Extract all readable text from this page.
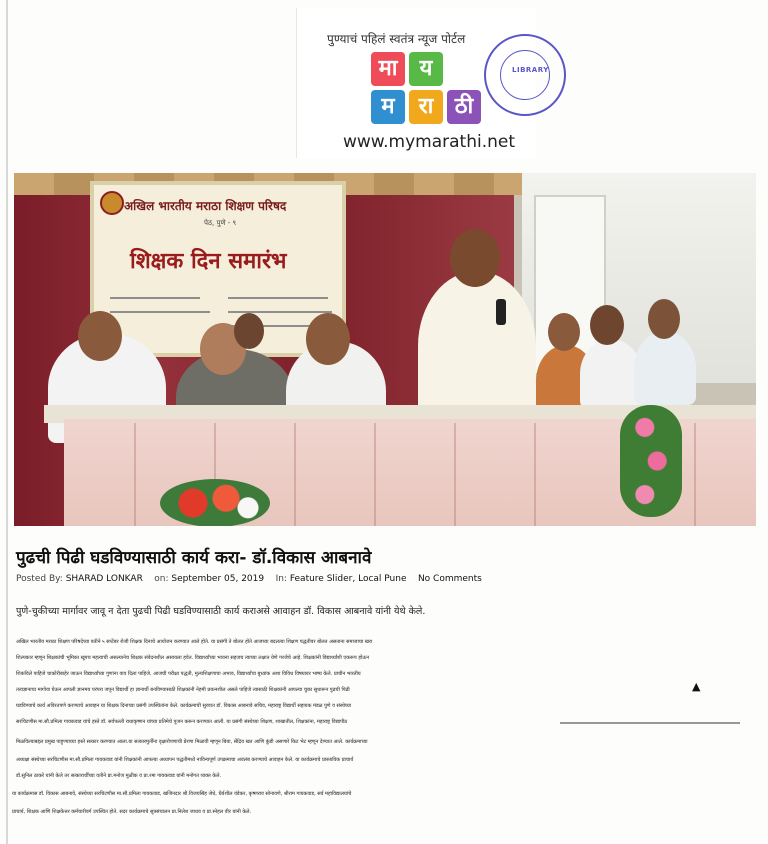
पुण्याचं पहिलं स्वतंत्र न्यूज पोर्टल
मा	य
म	रा ठी
www.mymarathi.net
LIBRARY
अखिल भारतीय मराठा शिक्षण परिषद
पेठ, पुणे - ९
शिक्षक दिन समारंभ
पुढची पिढी घडविण्यासाठी कार्य करा- डॉ.विकास आबनावे
Posted By: SHARAD LONKAR on: September 05, 2019 In: Feature Slider, Local Pune No Comments
पुणे-चुकीच्या मार्गावर जावू न देता पुढची पिढी घडविण्यासाठी कार्य कराअसे आवाहन डॉ. विकास आबनावे यांनी येथे केले.
अखिल भारतीय मराठा शिक्षण परिषदेच्या वतीने ५ सप्टेंबर रोजी शिक्षक दिनाचे आयोजन करण्यात आले होते. या प्रसंगी ते बोलत होते आजच्या बदलत्या शिक्षण पद्धतीवर बोलत असताना समाजाचा खरा
शिल्पकार म्हणून शिक्षकांची भूमिका खूपच महत्वाची असल्यानेच शिक्षक संवेदनशील असायला हवेत. विद्यार्थ्यांच्या भावना सहजच त्याच्या लक्षात येणे गरजेचे आहे. शिक्षकांनी विद्यार्थ्यांशी एकरूप होऊन
शिकविले पाहिजे चाकोरीबाहेर जाऊन विद्यार्थ्यांच्या गुणांना वाव दिला पाहिजे. आजची परीक्षा पद्धती, मुल्यशिक्षणाचा अभाव, विद्यार्थ्यांचा बुध्यांक अशा विविध विषयावर भाष्य केले. प्राचीन भारतीय
तत्वज्ञानाचा मागोवा घेऊन आपली ज्ञानमय परंपरा जपून विद्यार्थी हा ज्ञानार्थी बनविण्यासाठी शिक्षकांनी नेहमी प्रयत्नशील असले पाहिजे त्यासाठी शिक्षकांनी आपल्या चुका सुधारून पुढची पिढी
घडविण्याचे कार्य अविरतपणे करण्याचे आवाहन या शिक्षक दिनाच्या प्रसंगी उपस्थितांना केले. कार्यक्रमाची सुरवात डॉ. विकास आबनावे सचिव, महाराष्ट्र विद्यार्थी सहायक मंडळ पुणे व संस्थेच्या
सरचिटणीस मा.सौ.प्रमिला गायकवाड यांचे हस्ते डॉ. सर्वपल्ली राधाकृष्णन यांच्या प्रतिमेचे पूजन करून करण्यात आली. या प्रसंगी संस्थेच्या शिक्षण, शाखातील, शिक्षकांना, महाराष्ट्र विद्यापीठ
मिळविल्याबद्दल प्रमुख पाहुण्याच्या हस्ते सत्कार करण्यात आला.या सत्कारमुर्तींना वृक्षारोपणाची प्रेरणा मिळावी म्हणून बिया, सेंद्रिय खत आणि कुंडी असणारे किट भेट म्हणून देण्यात आले. कार्यक्रमाच्या
अध्यक्षा संस्थेच्या सरचिटणीस मा.सौ.प्रमिला गायकवाड यांनी शिक्षकांनी आपल्या अध्यापन पद्धतीमध्ये नाविन्यपूर्ण उपक्रमाचा अवलंब करण्याचे आवाहन केले. या कार्यक्रमाचे प्रास्ताविक प्राचार्य
डॉ.सुनिल ठाकरे यांनी केले तर सत्कारार्थींच्या वतीने प्रा.मनोज मुळीक व प्रा.रमा गायकवाड यांनी मनोगत व्यक्त केले.
या कार्यक्रमास डॉ. विकास आबनावे, संस्थेच्या सरचिटणीस मा.सौ.प्रमिला गायकवाड, खजिनदार श्री.विजयसिंह जेधे, धैर्यशील वंडेकर, कृष्णराव सोनावणे, श्रीराम गायकवाड, सर्व महाविद्यालयांचे
प्राचार्य, शिक्षक आणि शिक्षकेत्तर कर्मचारीवर्ग उपस्थित होते. सदर कार्यक्रमाचे सूत्रसंचालन प्रा.निलेश जाधव व प्रा.स्नेहल वीर यांनी केले.
▲
